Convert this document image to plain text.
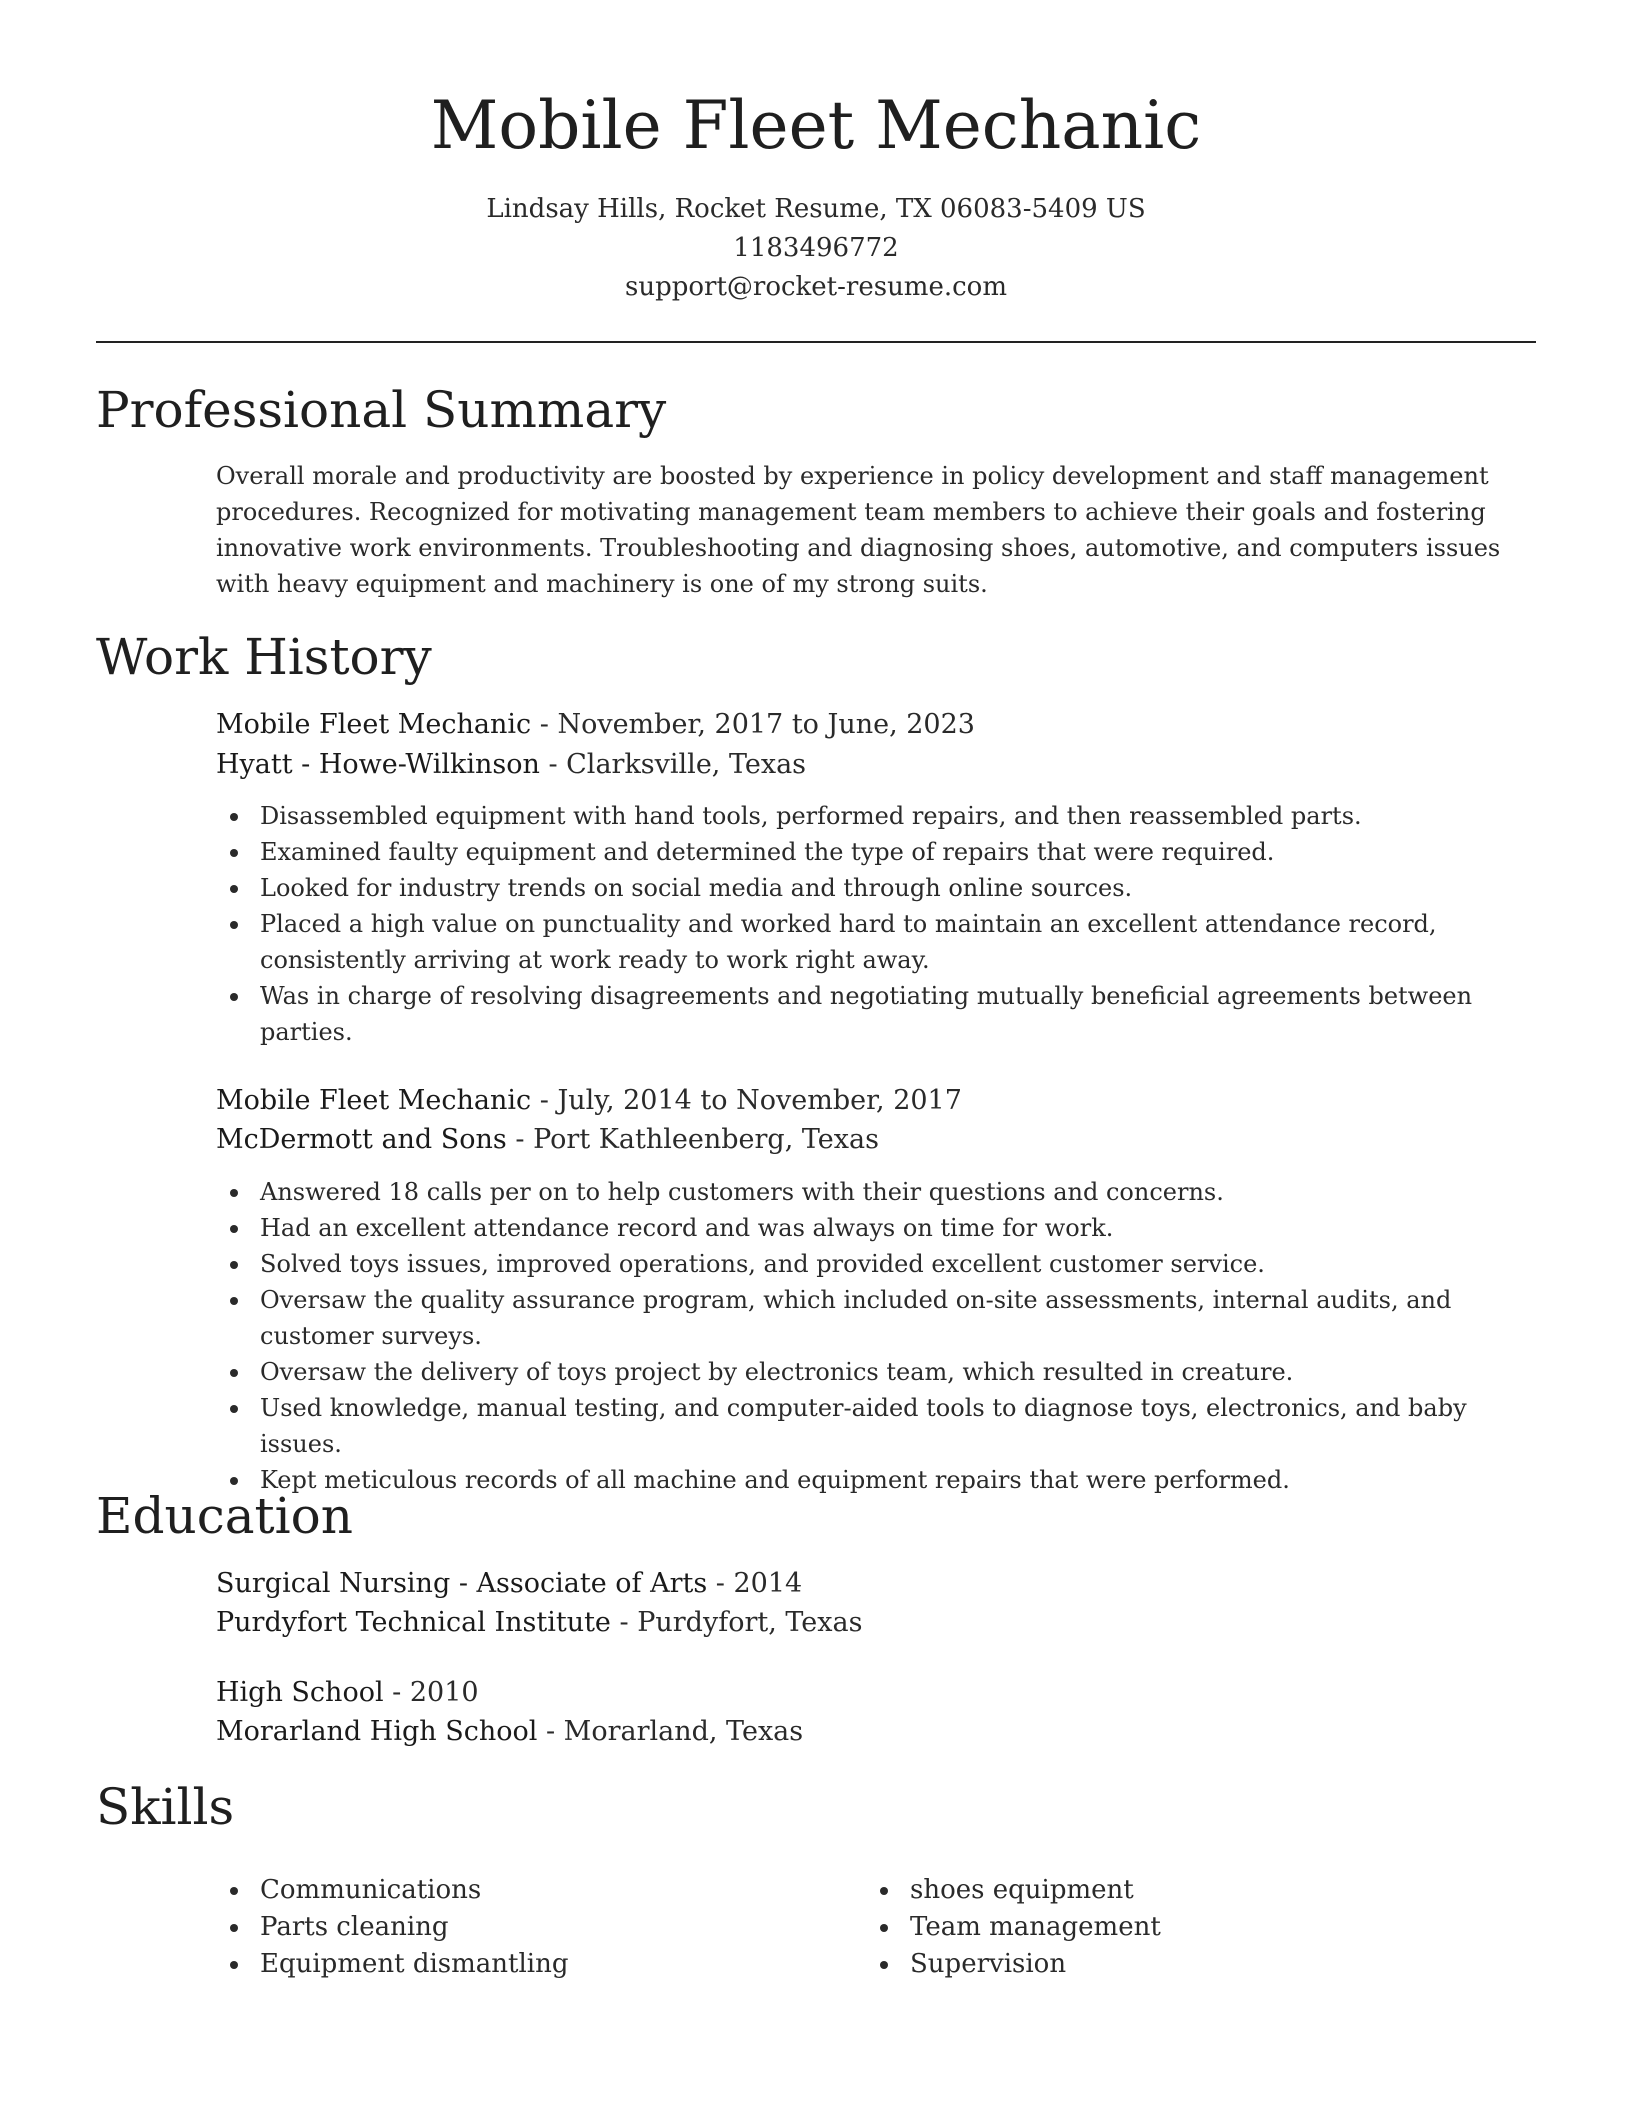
Mobile Fleet Mechanic
Lindsay Hills, Rocket Resume, TX 06083-5409 US
1183496772
support@rocket-resume.com
Professional Summary
Overall morale and productivity are boosted by experience in policy development and staff management procedures. Recognized for motivating management team members to achieve their goals and fostering innovative work environments. Troubleshooting and diagnosing shoes, automotive, and computers issues with heavy equipment and machinery is one of my strong suits.
Work History
Mobile Fleet Mechanic - November, 2017 to June, 2023
Hyatt - Howe-Wilkinson - Clarksville, Texas
Disassembled equipment with hand tools, performed repairs, and then reassembled parts.
Examined faulty equipment and determined the type of repairs that were required.
Looked for industry trends on social media and through online sources.
Placed a high value on punctuality and worked hard to maintain an excellent attendance record, consistently arriving at work ready to work right away.
Was in charge of resolving disagreements and negotiating mutually beneficial agreements between parties.
Mobile Fleet Mechanic - July, 2014 to November, 2017
McDermott and Sons - Port Kathleenberg, Texas
Answered 18 calls per on to help customers with their questions and concerns.
Had an excellent attendance record and was always on time for work.
Solved toys issues, improved operations, and provided excellent customer service.
Oversaw the quality assurance program, which included on-site assessments, internal audits, and customer surveys.
Oversaw the delivery of toys project by electronics team, which resulted in creature.
Used knowledge, manual testing, and computer-aided tools to diagnose toys, electronics, and baby issues.
Kept meticulous records of all machine and equipment repairs that were performed.
Education
Surgical Nursing - Associate of Arts - 2014
Purdyfort Technical Institute - Purdyfort, Texas
High School - 2010
Morarland High School - Morarland, Texas
Skills
Communications
Parts cleaning
Equipment dismantling
shoes equipment
Team management
Supervision
